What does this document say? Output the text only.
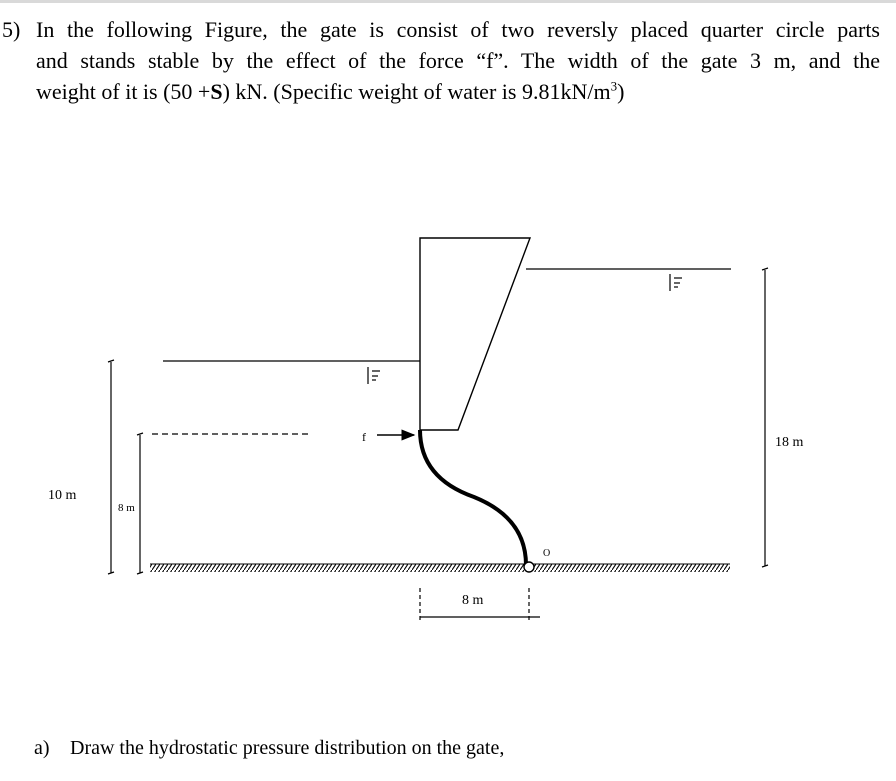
5) In the following Figure, the gate is consist of two reversly placed quarter circle parts
and stands stable by the effect of the force “f”. The width of the gate 3 m, and the
weight of it is (50 +S) kN. (Specific weight of water is $9.81kN/m^3$)
10 m
8 m
18 m
8 m
f
O
a) Draw the hydrostatic pressure distribution on the gate,
